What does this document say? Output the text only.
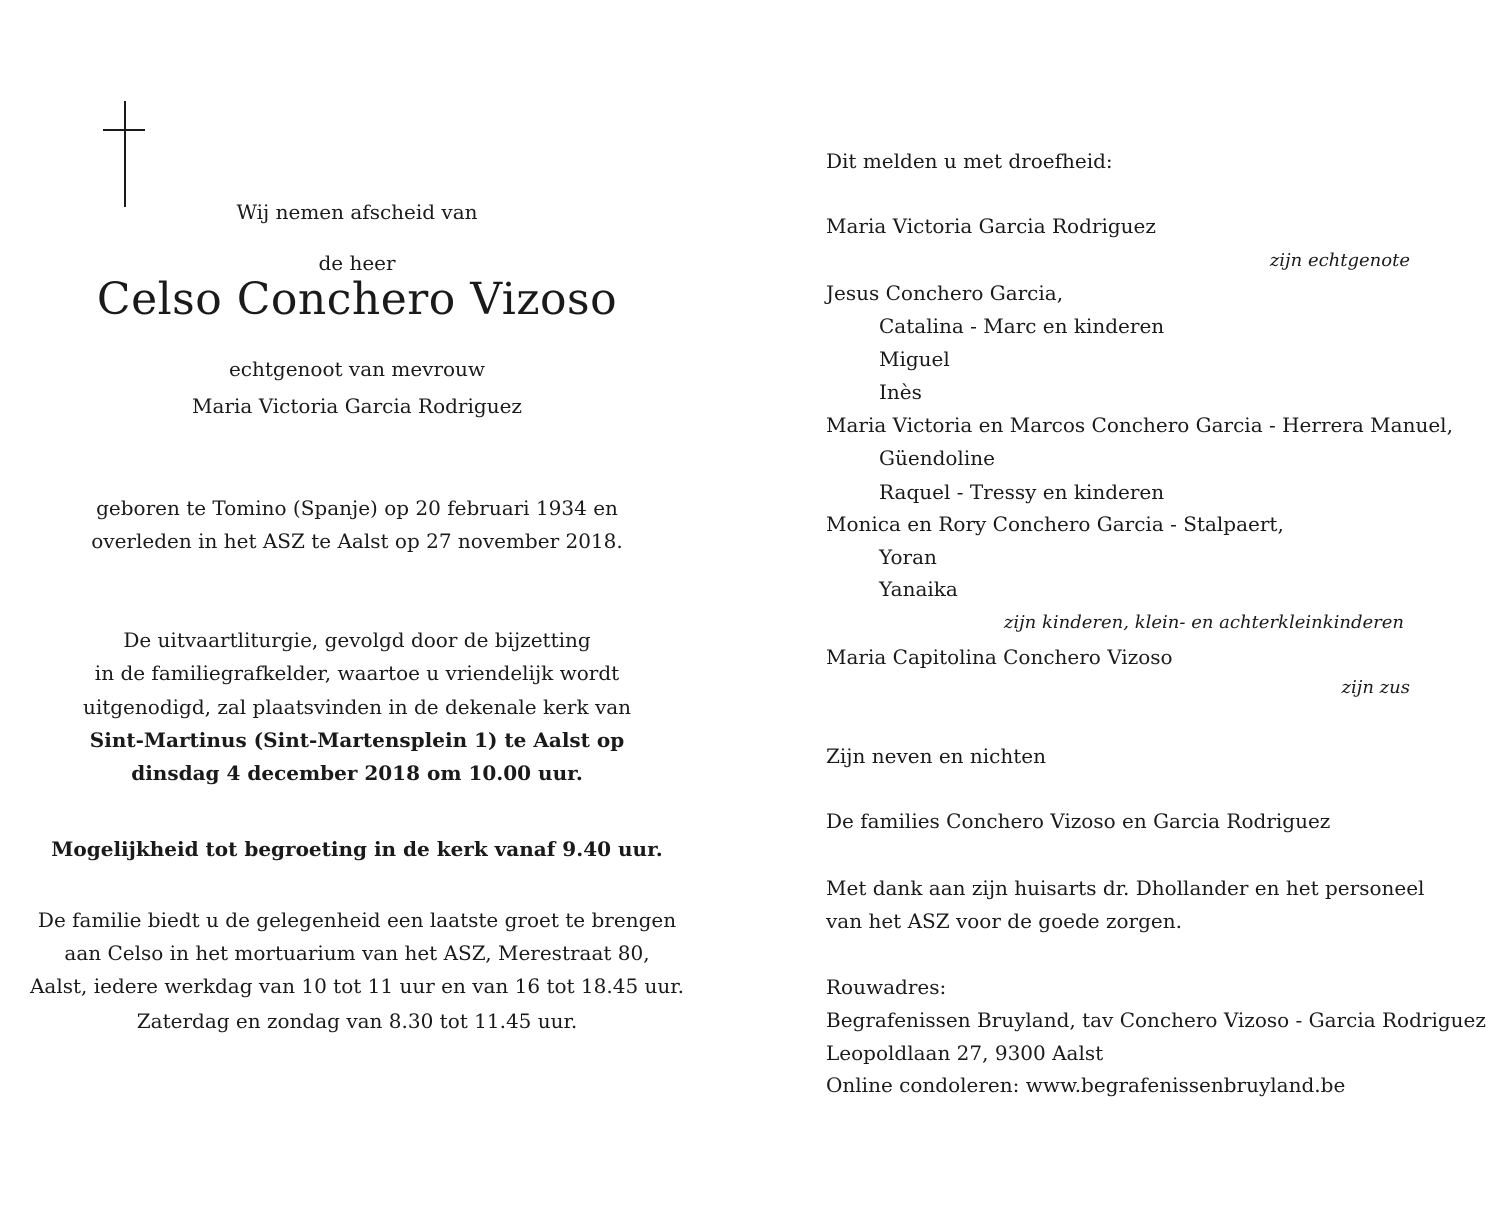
Wij nemen afscheid van
de heer
Celso Conchero Vizoso
echtgenoot van mevrouw
Maria Victoria Garcia Rodriguez
geboren te Tomino (Spanje) op 20 februari 1934 en
overleden in het ASZ te Aalst op 27 november 2018.
De uitvaartliturgie, gevolgd door de bijzetting
in de familiegrafkelder, waartoe u vriendelijk wordt
uitgenodigd, zal plaatsvinden in de dekenale kerk van
Sint-Martinus (Sint-Martensplein 1) te Aalst op
dinsdag 4 december 2018 om 10.00 uur.
Mogelijkheid tot begroeting in de kerk vanaf 9.40 uur.
De familie biedt u de gelegenheid een laatste groet te brengen
aan Celso in het mortuarium van het ASZ, Merestraat 80,
Aalst, iedere werkdag van 10 tot 11 uur en van 16 tot 18.45 uur.
Zaterdag en zondag van 8.30 tot 11.45 uur.
Dit melden u met droefheid:
Maria Victoria Garcia Rodriguez
zijn echtgenote
Jesus Conchero Garcia,
Catalina - Marc en kinderen
Miguel
Inès
Maria Victoria en Marcos Conchero Garcia - Herrera Manuel,
Güendoline
Raquel - Tressy en kinderen
Monica en Rory Conchero Garcia - Stalpaert,
Yoran
Yanaika
zijn kinderen, klein- en achterkleinkinderen
Maria Capitolina Conchero Vizoso
zijn zus
Zijn neven en nichten
De families Conchero Vizoso en Garcia Rodriguez
Met dank aan zijn huisarts dr. Dhollander en het personeel
van het ASZ voor de goede zorgen.
Rouwadres:
Begrafenissen Bruyland, tav Conchero Vizoso - Garcia Rodriguez
Leopoldlaan 27, 9300 Aalst
Online condoleren: www.begrafenissenbruyland.be
